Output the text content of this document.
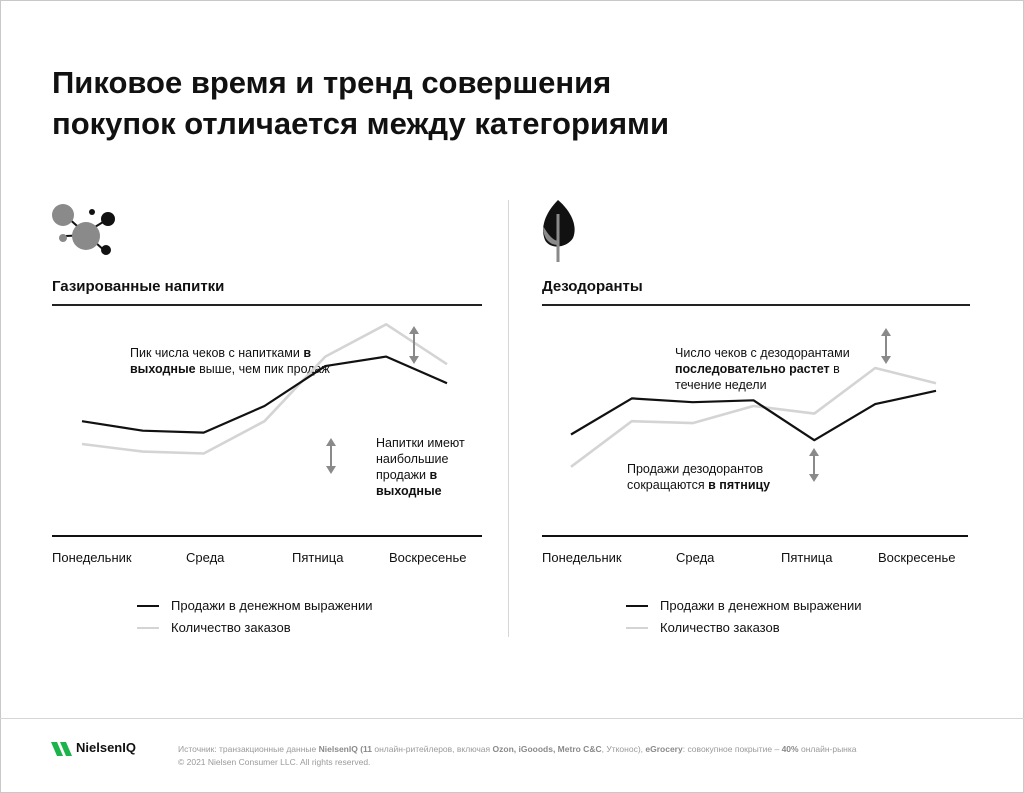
Пиковое время и тренд совершения
покупок отличается между категориями
Газированные напитки
Пик числа чеков с напитками в выходные выше, чем пик продаж
Напитки имеют наибольшие продажи в выходные
Понедельник	Среда	Пятница	Воскресенье
Продажи в денежном выражении
Количество заказов
Дезодоранты
Число чеков с дезодорантами последовательно растет в течение недели
Продажи дезодорантов сокращаются в пятницу
Понедельник	Среда	Пятница	Воскресенье
Продажи в денежном выражении
Количество заказов
NielsenIQ	Источник: транзакционные данные NielsenIQ (11 онлайн-ритейлеров, включая Ozon, iGooods, Metro C&C, Утконос), eGrocery: совокупное покрытие – 40% онлайн-рынка
© 2021 Nielsen Consumer LLC. All rights reserved.
